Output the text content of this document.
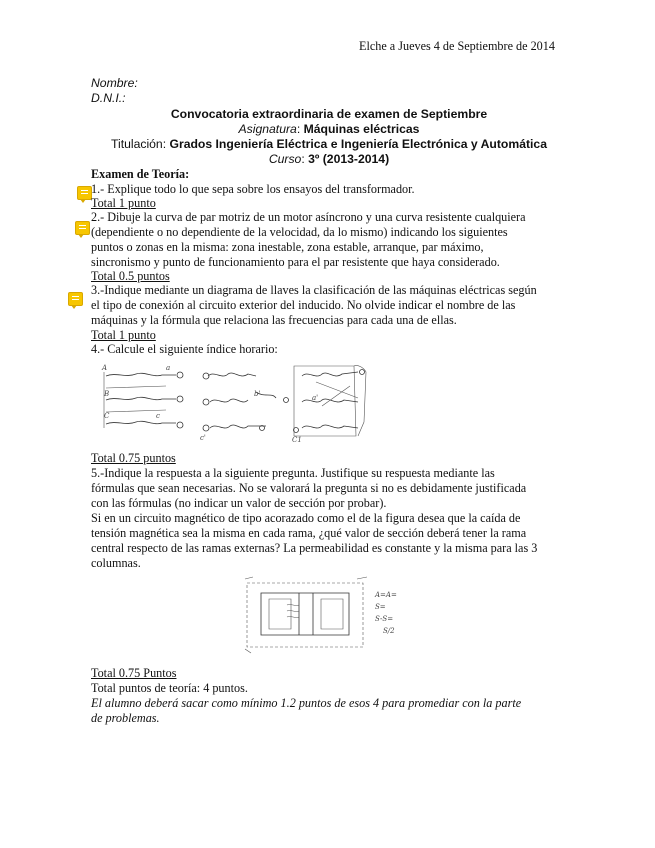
Elche a Jueves 4 de Septiembre de 2014
Nombre:
D.N.I.:
Convocatoria extraordinaria de examen de Septiembre
Asignatura: Máquinas eléctricas
Titulación: Grados Ingeniería Eléctrica e Ingeniería Electrónica y Automática
Curso: 3º (2013-2014)
Examen de Teoría:
1.- Explique todo lo que sepa sobre los ensayos del transformador.
Total 1 punto
2.- Dibuje la curva de par motriz de un motor asíncrono y una curva resistente cualquiera
(dependiente o no dependiente de la velocidad, da lo mismo) indicando los siguientes
puntos o zonas en la misma: zona inestable, zona estable, arranque, par máximo,
sincronismo y punto de funcionamiento para el par resistente que haya considerado.
Total 0.5 puntos
3.-Indique mediante un diagrama de llaves la clasificación de las máquinas eléctricas según
el tipo de conexión al circuito exterior del inducido. No olvide indicar el nombre de las
máquinas y la fórmula que relaciona las frecuencias para cada una de ellas.
Total 1 punto
4.- Calcule el siguiente índice horario:
A	a
B
C	c
b'
c'	C1
a'
Total 0.75 puntos
5.-Indique la respuesta a la siguiente pregunta. Justifique su respuesta mediante las
fórmulas que sean necesarias. No se valorará la pregunta si no es debidamente justificada
con las fórmulas (no indicar un valor de sección por probar).
Si en un circuito magnético de tipo acorazado como el de la figura desea que la caída de
tensión magnética sea la misma en cada rama, ¿qué valor de sección deberá tener la rama
central respecto de las ramas externas? La permeabilidad es constante y la misma para las 3
columnas.
A=A=
S=
S-S=
S/2
Total 0.75 Puntos
Total puntos de teoría: 4 puntos.
El alumno deberá sacar como mínimo 1.2 puntos de esos 4 para promediar con la parte
de problemas.
